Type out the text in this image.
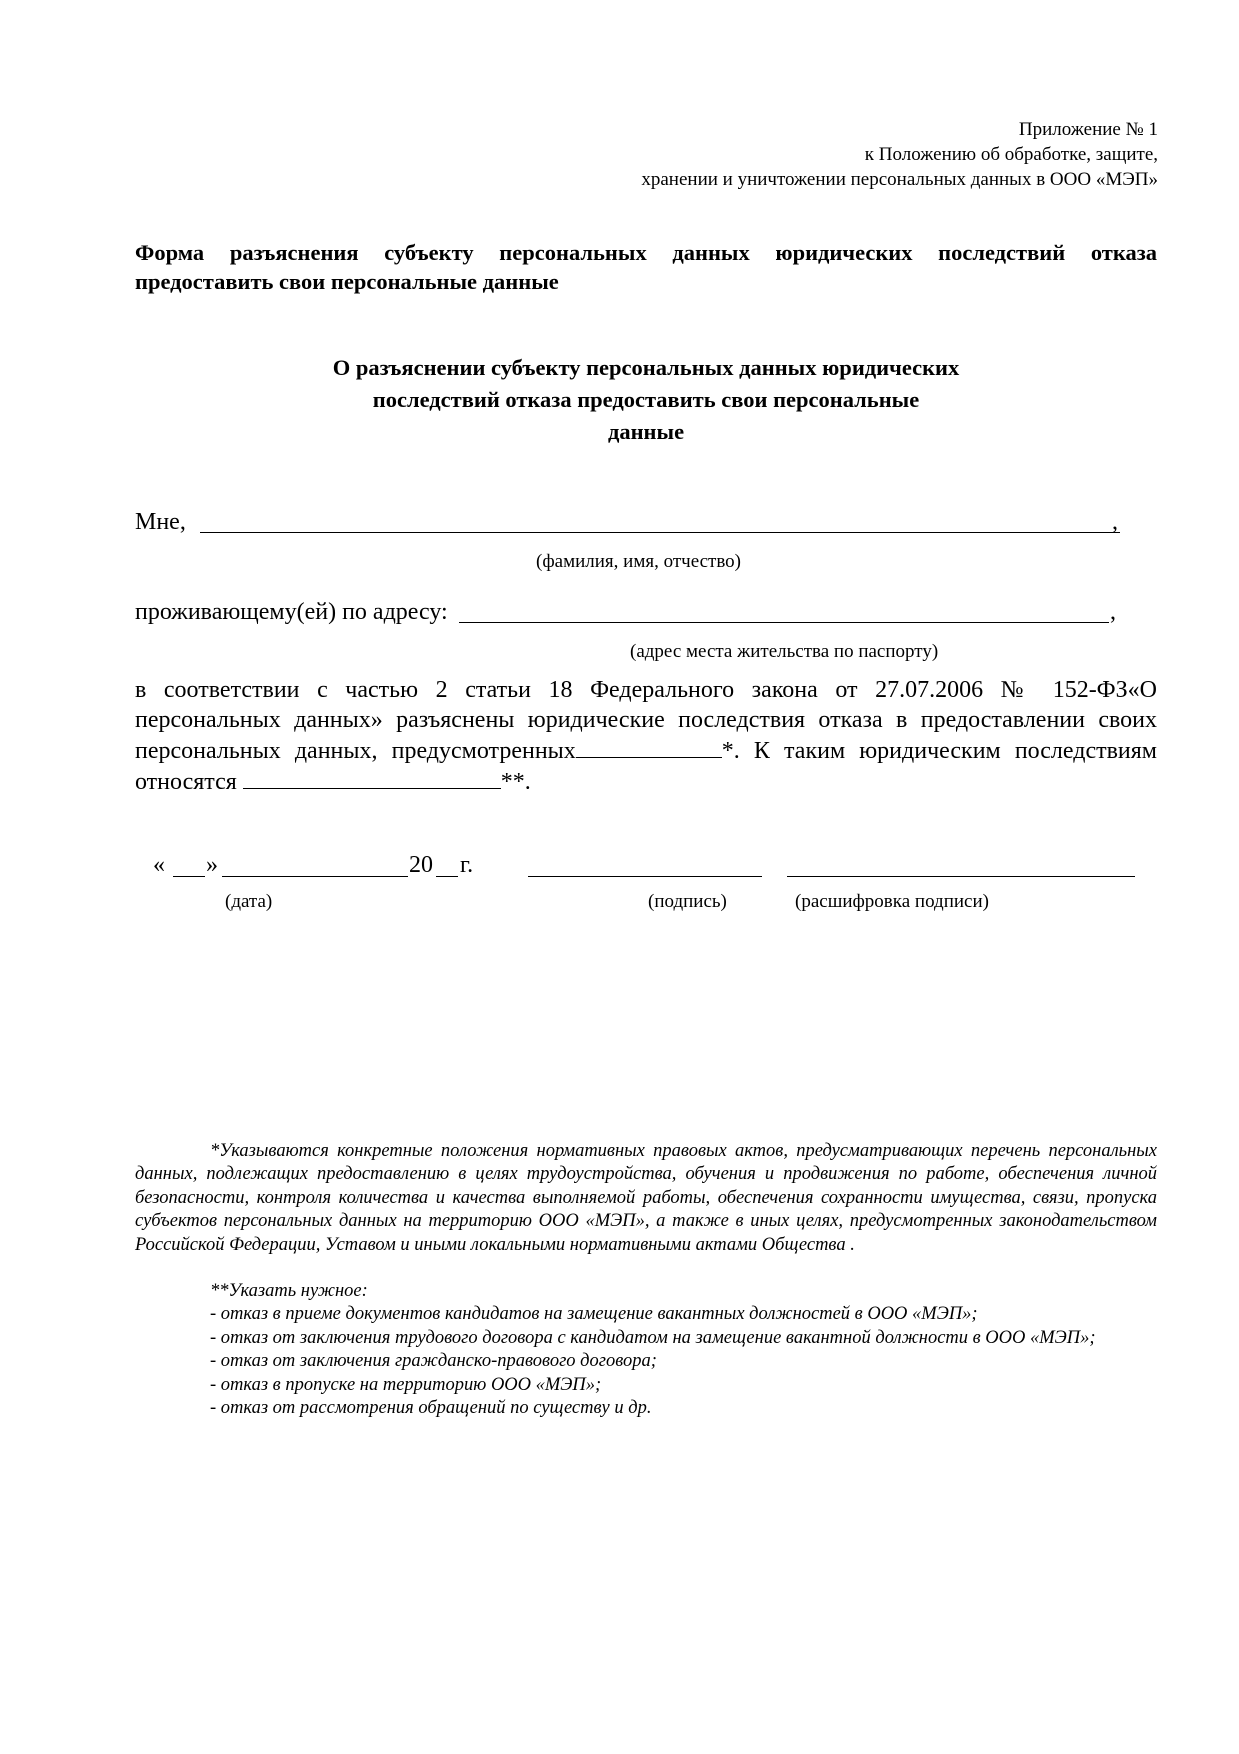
Приложение № 1
к Положению об обработке, защите,
хранении и уничтожении персональных данных в ООО «МЭП»
Форма разъяснения субъекту персональных данных юридических последствий отказа
предоставить свои персональные данные
О разъяснении субъекту персональных данных юридических
последствий отказа предоставить свои персональные
данные
Мне,	,
(фамилия, имя, отчество)
проживающему(ей) по адресу:	,
(адрес места жительства по паспорту)

в соответствии с частью 2 статьи 18 Федерального закона от 27.07.2006 № 152-ФЗ«О персональных данных» разъяснены юридические последствия отказа в предоставлении своих персональных данных, предусмотренных	*. К таким юридическим последствиям относятся	**.

« »	20 г.
(дата)	(подпись)	(расшифровка подписи)

*Указываются конкретные положения нормативных правовых актов, предусматривающих перечень персональных данных, подлежащих предоставлению в целях трудоустройства, обучения и продвижения по работе, обеспечения личной безопасности, контроля количества и качества выполняемой работы, обеспечения сохранности имущества, связи, пропуска субъектов персональных данных на территорию ООО «МЭП», а также в иных целях, предусмотренных законодательством Российской Федерации, Уставом и иными локальными нормативными актами Общества .

**Указать нужное:

- отказ в приеме документов кандидатов на замещение вакантных должностей в ООО «МЭП»;

- отказ от заключения трудового договора с кандидатом на замещение вакантной должности в ООО «МЭП»;

- отказ от заключения гражданско-правового договора;

- отказ в пропуске на территорию ООО «МЭП»;

- отказ от рассмотрения обращений по существу и др.
